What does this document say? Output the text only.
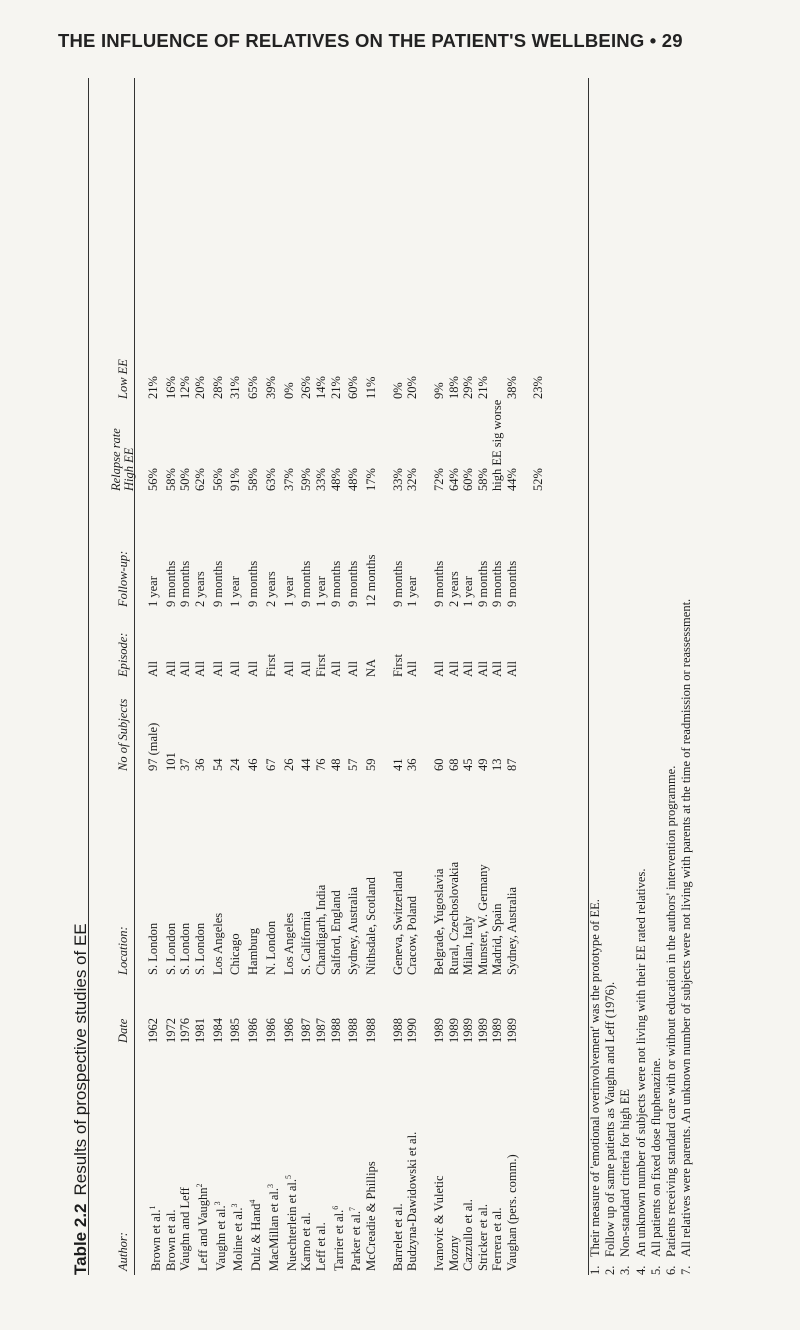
THE INFLUENCE OF RELATIVES ON THE PATIENT'S WELLBEING • 29
Table 2.2Results of prospective studies of EE
Author:	Date	Location:	No of Subjects	Episode:	Follow-up:	Relapse rate High EE	Low EE
Brown et al.$^1$	1962	S. London	97 (male)	All	1 year	56%	21%
Brown et al.	1972	S. London	101	All	9 months	58%	16%
Vaughn and Leff	1976	S. London	37	All	9 months	50%	12%
Leff and Vaughn$^2$	1981	S. London	36	All	2 years	62%	20%
Vaughn et al.$^3$	1984	Los Angeles	54	All	9 months	56%	28%
Moline et al.$^3$	1985	Chicago	24	All	1 year	91%	31%
Dulz & Hand$^4$	1986	Hamburg	46	All	9 months	58%	65%
MacMillan et al.$^3$	1986	N. London	67	First	2 years	63%	39%
Nuechterlein et al.$^5$	1986	Los Angeles	26	All	1 year	37%	0%
Karno et al.	1987	S. California	44	All	9 months	59%	26%
Leff et al.	1987	Chandigarh, India	76	First	1 year	33%	14%
Tarrier et al.$^6$	1988	Salford, England	48	All	9 months	48%	21%
Parker et al.$^7$	1988	Sydney, Australia	57	All	9 months	48%	60%
McCreadie & Phillips	1988	Nithsdale, Scotland	59	NA	12 months	17%	11%

Barrelet et al.	1988	Geneva, Switzerland	41	First	9 months	33%	0%
Budzyna-Dawidowski et al.	1990	Cracow, Poland	36	All	1 year	32%	20%

Ivanovic & Vuletic	1989	Belgrade, Yugoslavia	60	All	9 months	72%	9%
Mozny	1989	Rural, Czechoslovakia	68	All	2 years	64%	18%
Cazzullo et al.	1989	Milan, Italy	45	All	1 year	60%	29%
Stricker et al.	1989	Munster, W. Germany	49	All	9 months	58%	21%
Ferrera et al.	1989	Madrid, Spain	13	All	9 months	high EE sig worse	
Vaughan (pers. comm.)	1989	Sydney, Australia	87	All	9 months	44%	38%

						52%	23%
1.Their measure of 'emotional overinvolvement' was the prototype of EE.
2.Follow up of same patients as Vaughn and Leff (1976).
3.Non-standard criteria for high EE
4.An unknown number of subjects were not living with their EE rated relatives.
5.All patients on fixed dose fluphenazine.
6.Patients receiving standard care with or without education in the authors' intervention programme.
7.All relatives were parents. An unknown number of subjects were not living with parents at the time of readmission or reassessment.
